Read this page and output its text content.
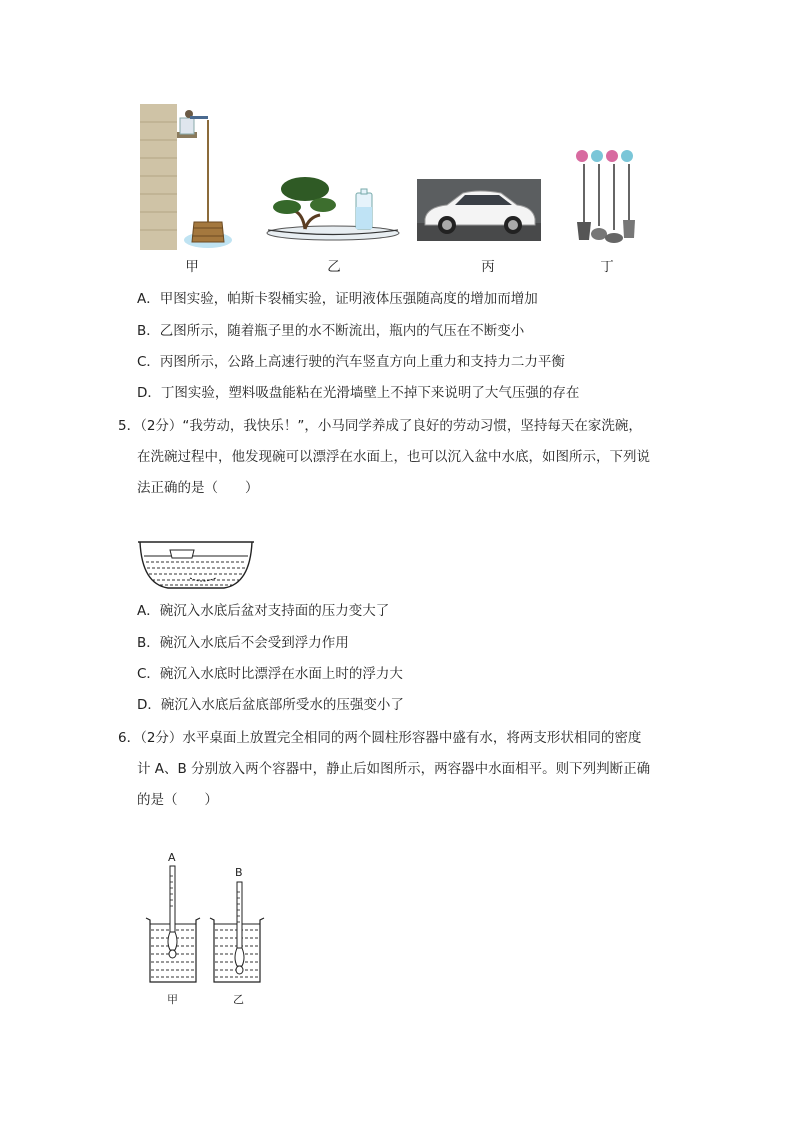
甲	乙	丙	丁
A．甲图实验，帕斯卡裂桶实验，证明液体压强随高度的增加而增加
B．乙图所示，随着瓶子里的水不断流出，瓶内的气压在不断变小
C．丙图所示，公路上高速行驶的汽车竖直方向上重力和支持力二力平衡
D．丁图实验，塑料吸盘能粘在光滑墙壁上不掉下来说明了大气压强的存在
5．（2分）“我劳动，我快乐！”，小马同学养成了良好的劳动习惯，坚持每天在家洗碗，
在洗碗过程中，他发现碗可以漂浮在水面上，也可以沉入盆中水底，如图所示，下列说
法正确的是（　　）
A．碗沉入水底后盆对支持面的压力变大了
B．碗沉入水底后不会受到浮力作用
C．碗沉入水底时比漂浮在水面上时的浮力大
D．碗沉入水底后盆底部所受水的压强变小了
6．（2分）水平桌面上放置完全相同的两个圆柱形容器中盛有水，将两支形状相同的密度
计 A、B 分别放入两个容器中，静止后如图所示，两容器中水面相平。则下列判断正确
的是（　　）
A
B
甲	乙
